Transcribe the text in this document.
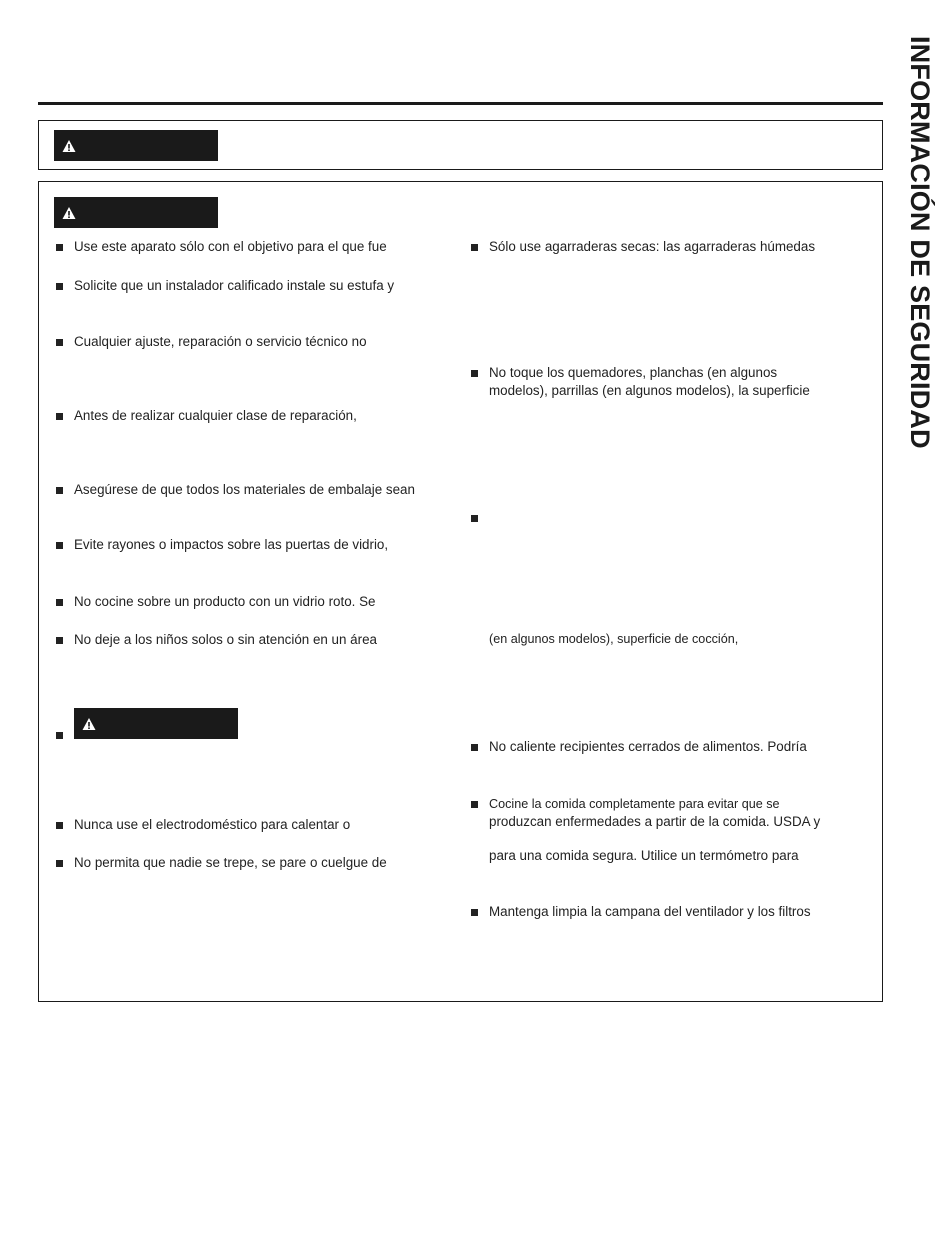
Use este aparato sólo con el objetivo para el que fue
Solicite que un instalador calificado instale su estufa y
Cualquier ajuste, reparación o servicio técnico no
Antes de realizar cualquier clase de reparación,
Asegúrese de que todos los materiales de embalaje sean
Evite rayones o impactos sobre las puertas de vidrio,
No cocine sobre un producto con un vidrio roto. Se
No deje a los niños solos o sin atención en un área
Nunca use el electrodoméstico para calentar o
No permita que nadie se trepe, se pare o cuelgue de
Sólo use agarraderas secas: las agarraderas húmedas
No toque los quemadores, planchas (en algunos
modelos), parrillas (en algunos modelos), la superficie
(en algunos modelos), superficie de cocción,
No caliente recipientes cerrados de alimentos. Podría
Cocine la comida completamente para evitar que se
produzcan enfermedades a partir de la comida. USDA y
para una comida segura. Utilice un termómetro para
Mantenga limpia la campana del ventilador y los filtros
INFORMACIÓN DE SEGURIDAD
